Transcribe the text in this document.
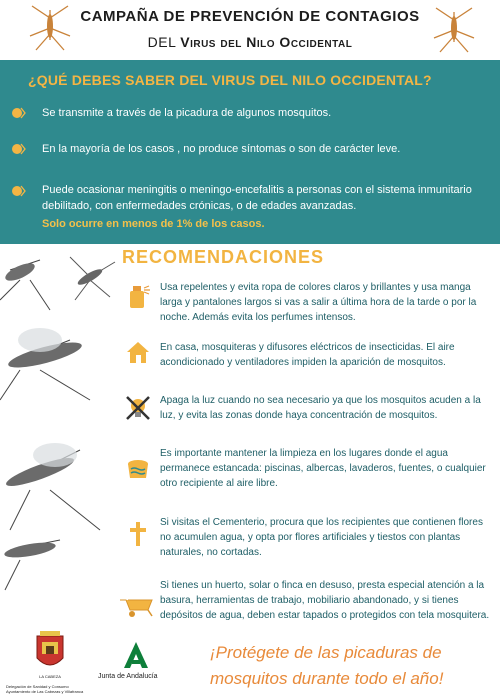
CAMPAÑA DE PREVENCIÓN DE CONTAGIOS
DEL Virus del Nilo Occidental
¿QUÉ DEBES SABER DEL VIRUS DEL NILO OCCIDENTAL?
Se transmite a través de la picadura de algunos mosquitos.
En la mayoría de los casos , no produce síntomas o son de carácter leve.
Puede ocasionar meningitis o meningo-encefalitis a personas con el sistema inmunitario debilitado, con enfermedades crónicas, o de edades avanzadas.
Solo ocurre en menos de 1% de los casos.
RECOMENDACIONES
Usa repelentes y evita ropa de colores claros y brillantes y usa manga larga y pantalones largos si vas a salir a última hora de la tarde o por la noche. Además evita los perfumes intensos.
En casa, mosquiteras y difusores eléctricos de insecticidas. El aire acondicionado y ventiladores impiden la aparición de mosquitos.
Apaga la luz cuando no sea necesario ya que los mosquitos acuden a la luz, y evita las zonas donde haya concentración de mosquitos.
Es importante mantener la limpieza en los lugares donde el agua permanece estancada: piscinas, albercas, lavaderos, fuentes, o cualquier otro recipiente al aire libre.
Si visitas el Cementerio, procura que los recipientes que contienen flores no acumulen agua, y opta por flores artificiales y tiestos con plantas naturales, no cortadas.
Si tienes un huerto, solar o finca en desuso, presta especial atención a la basura, herramientas de trabajo, mobiliario abandonado, y si tienes depósitos de agua, deben estar tapados o protegidos con tela mosquitera.
LA CABEZA
Delegación de Sanidad y Consumo
Ayuntamiento de Las Cabezas y Villafranca
Junta de Andalucía
¡Protégete de las picaduras de mosquitos durante todo el año!
